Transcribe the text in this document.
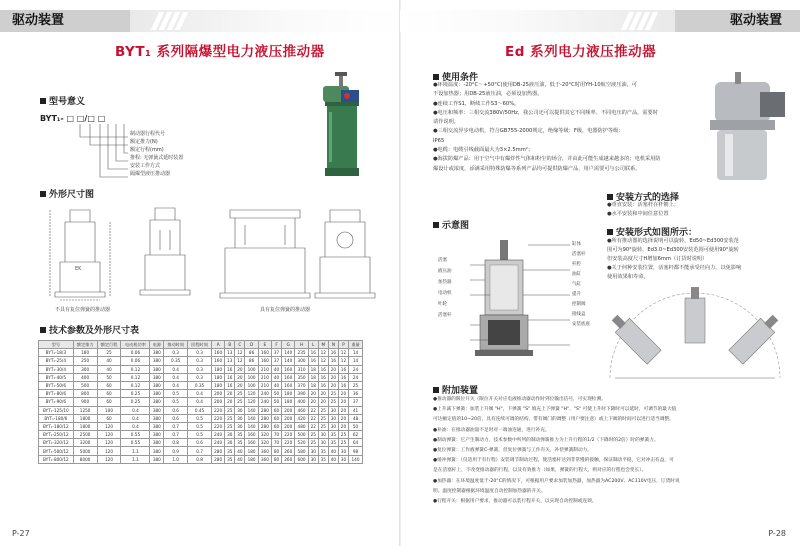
驱动装置
BYT₁ 系列隔爆型电力液压推动器
型号意义
BYT₁- □ □/□ □
制动器行程代号
额定推力(N)
额定行程(mm)
推程: 无弹簧式延时装置
安装工作方式
隔爆型液压推动器
外形尺寸图
EK
不具有复位弹簧的推动器	具有复位弹簧的推动器
技术参数及外形尺寸表
型号	额定推力	额定行程	电动机功率	电源	推动时间	回程时间	A	B	C	D	E	F	G	H	L	M	N	P	重量
BYT₁-18/3	180	25	0.06	380	0.3	0.3	160	13	12	86	160	37	140	235	16	12	16	12	14
BYT₁-25/4	250	40	0.06	380	0.35	0.3	160	13	12	86	160	37	140	300	16	12	16	12	14
BYT₁-30/4	300	40	0.12	380	0.4	0.3	180	16	20	100	210	40	160	310	18	16	20	16	24
BYT₁-40/5	400	50	0.12	380	0.4	0.3	180	16	20	100	210	40	160	350	18	16	20	16	24
BYT₁-50/6	500	60	0.12	380	0.4	0.35	180	16	20	100	210	40	160	370	18	16	20	16	25
BYT₁-80/6	800	60	0.25	380	0.5	0.4	200	20	25	120	240	50	180	390	20	20	25	20	36
BYT₁-90/6	900	60	0.25	380	0.5	0.4	200	20	25	120	240	50	180	400	20	20	25	20	37
BYT₁-125/10	1250	100	0.4	380	0.6	0.45	220	25	30	140	280	60	200	460	22	25	30	20	41
BYT₁-180/6	1800	60	0.4	380	0.6	0.5	220	25	30	140	280	60	200	420	22	25	30	20	48
BYT₁-180/12	1800	120	0.4	380	0.7	0.5	220	25	30	140	280	60	200	480	22	25	30	20	50
BYT₁-250/12	2500	120	0.55	380	0.7	0.5	240	30	35	160	320	70	220	500	25	30	35	25	62
BYT₁-320/12	3200	120	0.55	380	0.8	0.6	240	30	35	160	320	70	220	520	25	30	35	25	64
BYT₁-500/12	5000	120	1.1	380	0.9	0.7	280	35	40	180	360	80	260	580	30	35	40	30	98
BYT₁-800/12	8000	120	1.1	380	1.0	0.8	280	35	40	180	360	80	260	600	30	35	40	30	140
P-27
驱动装置
Ed 系列电力液压推动器
使用条件
●环境温度：-20°C～+50°C(使用DB-25液压油，低于-20°C时用YH-10航空液压油，可
不设加热器；用DB-25液压油，必须设加热器。
●连续工作S1，断续工作S3～60%。
●电压和频率：三相交流380V/50Hz，我公司还可以提供其它不同频率、不同电压的产品，需要时
请作说明。
●三相交流异步电动机，符合GB755-2000规定，绝缘等级：F级，电器防护等级：
IP65
●电缆：电缆引线截面最大为3×2.5mm²；
●海拔防爆产品：用于空气中有爆炸性气体和粉尘的场合，并由此可能生成越来越多的；电机采用防
爆设计或浓度，添满采用特殊防爆等系列产品均可提供防爆产品，用户需要可与公司联系。
示意图
活塞
液压油
加热器
电动机
叶轮
活塞杆
缸体
活塞杆
杆腔
油缸
气缸
提升
控制阀
接线盒
安装底座
安装方式的选择
●垂直安装：活塞杆在杆朝上；
●水平安装和中间任意位置
安装形式如图所示：
●所有推动器的选择说明可以旋转，Ed50~Ed300安装范
围可为90°旋转，Ed3.0~Ed300安装范围可使用90°旋转
但安装高度尺寸H增加6mm（订货时说明）
●关于何种安装位置，活塞杆都不能承受径向力，以免影响
使用效果和寿命。
附加装置
●推动器的限位开关（限位开关对应电液推动器动作时到位输出信号，可实现检测。
●上升减下弹簧：加装上升阀 "H"，下弹簧 "S" 填充上下弹簧 "H"、"S" 可使上升时下降时可以延时，可调节的最大值
可达额定值的10~20倍，具有连续可调的结构，带有阀门的调整（用户要注意）或上下阀的时间可以进行适当调整。
●补油：在推动器油量不足时对一端油连通，进行补充。
●制动弹簧：它产生制动力，技术参数中所列的制动弹簧推力为上升行程的1/2（下降时的2倍）时的弹簧力。
●复位弹簧：工作液弹簧C-弹簧，但复位弹簧与工作有关，补偿弹簧制动力。
●缓冲弹簧：（仅适用于有行程）安装调节制动过程，使活塞杆达到非常慢的接触，保证制动平稳，它对冲击有益，可
是在活塞杆上，不改变推动器的行程，以及有效推力（如果，弹簧的行程大，则对应的行程也会变长）。
●加热器：在环境温度低于-20°C的情况下，可根据用户要求加装加热器，加热器为AC200V、AC110V电压，订货时说
明。温度控制器根据环境温度自动控制加热器的开关。
●行程开关：根据用户要求，推动器可以装行程开关，以实现自动控制或连锁。
P-28
